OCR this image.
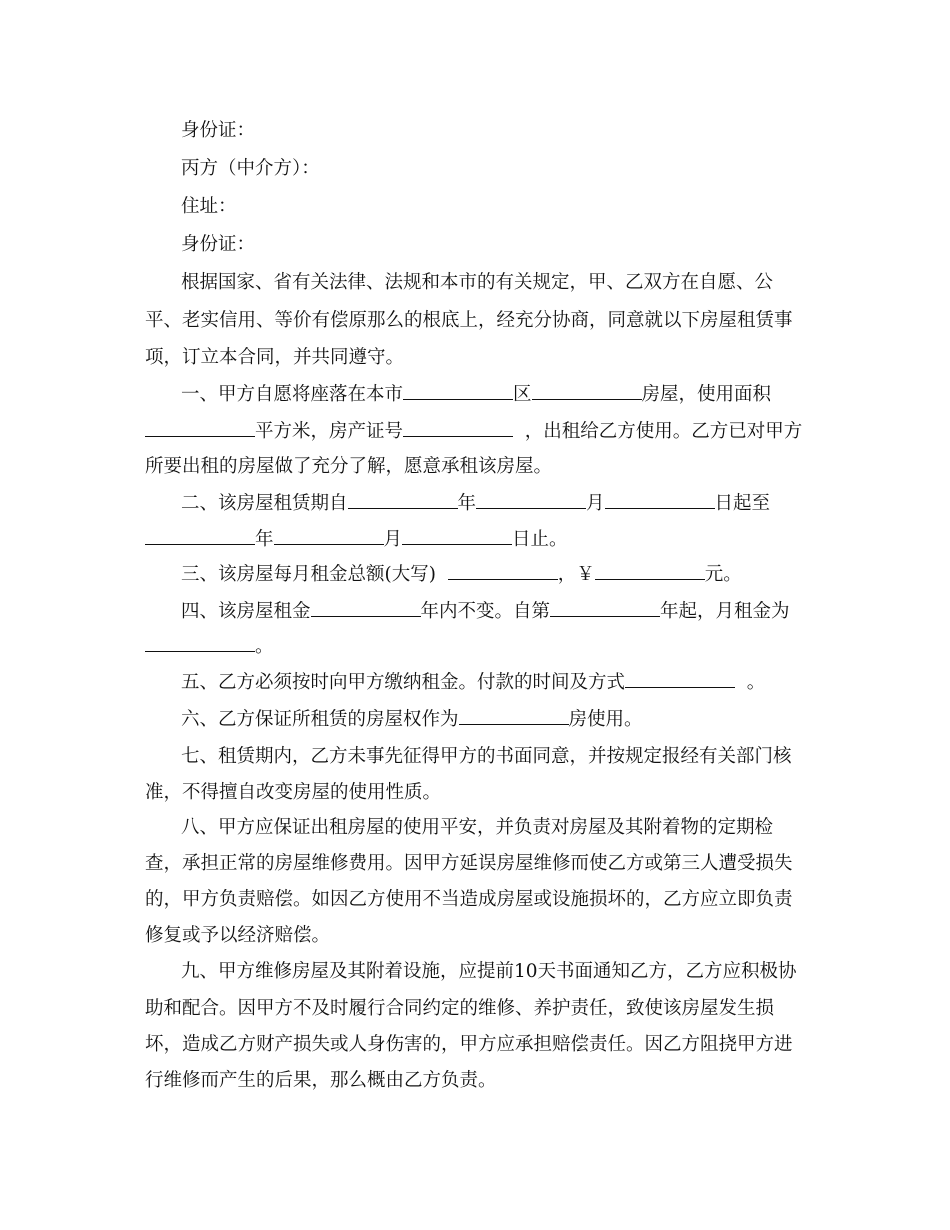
身份证：
丙方（中介方）：
住址：
身份证：
根据国家、省有关法律、法规和本市的有关规定，甲、乙双方在自愿、公
平、老实信用、等价有偿原那么的根底上，经充分协商，同意就以下房屋租赁事
项，订立本合同，并共同遵守。
一、甲方自愿将座落在本市	区	房屋，使用面积
平方米，房产证号	，出租给乙方使用。乙方已对甲方
所要出租的房屋做了充分了解，愿意承租该房屋。
二、该房屋租赁期自	年	月	日起至
年	月	日止。
三、该房屋每月租金总额(大写)	，￥	元。
四、该房屋租金	年内不变。自第	年起，月租金为
。
五、乙方必须按时向甲方缴纳租金。付款的时间及方式	。
六、乙方保证所租赁的房屋权作为	房使用。
七、租赁期内，乙方未事先征得甲方的书面同意，并按规定报经有关部门核
准，不得擅自改变房屋的使用性质。
八、甲方应保证出租房屋的使用平安，并负责对房屋及其附着物的定期检
查，承担正常的房屋维修费用。因甲方延误房屋维修而使乙方或第三人遭受损失
的，甲方负责赔偿。如因乙方使用不当造成房屋或设施损坏的，乙方应立即负责
修复或予以经济赔偿。
九、甲方维修房屋及其附着设施，应提前10天书面通知乙方，乙方应积极协
助和配合。因甲方不及时履行合同约定的维修、养护责任，致使该房屋发生损
坏，造成乙方财产损失或人身伤害的，甲方应承担赔偿责任。因乙方阻挠甲方进
行维修而产生的后果，那么概由乙方负责。
